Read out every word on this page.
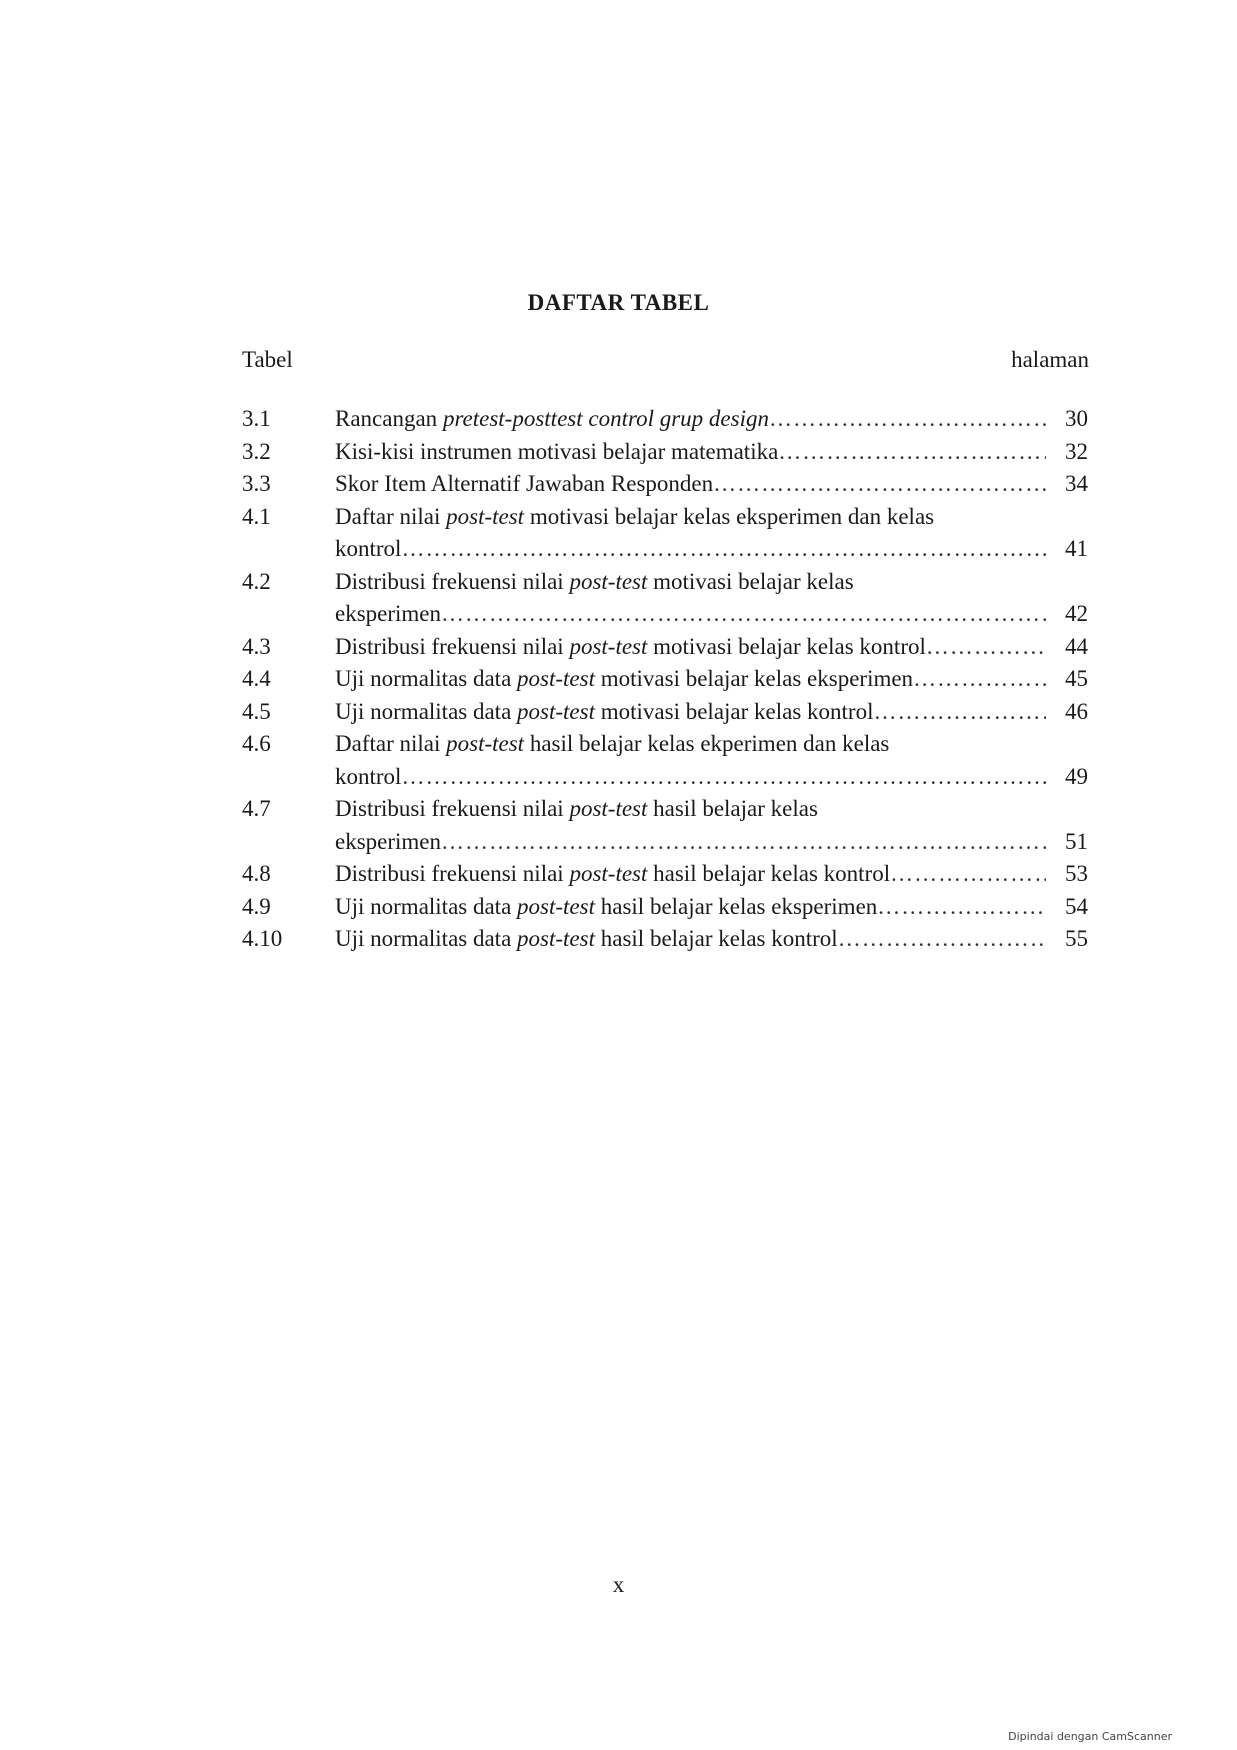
DAFTAR TABEL
Tabel	halaman
3.1	Rancangan pretest-posttest control grup design ……………………………………………………………………………………………………………………………………	30
3.2	Kisi-kisi instrumen motivasi belajar matematika ……………………………………………………………………………………………………………………………………	32
3.3	Skor Item Alternatif Jawaban Responden ……………………………………………………………………………………………………………………………………	34
4.1	Daftar nilai post-test motivasi belajar kelas eksperimen dan kelas
kontrol ……………………………………………………………………………………………………………………………………	41
4.2	Distribusi frekuensi nilai post-test motivasi belajar kelas
eksperimen ……………………………………………………………………………………………………………………………………	42
4.3	Distribusi frekuensi nilai post-test motivasi belajar kelas kontrol ……………………………………………………………………………………………………………………………………	44
4.4	Uji normalitas data post-test motivasi belajar kelas eksperimen ……………………………………………………………………………………………………………………………………	45
4.5	Uji normalitas data post-test motivasi belajar kelas kontrol ……………………………………………………………………………………………………………………………………	46
4.6	Daftar nilai post-test hasil belajar kelas ekperimen dan kelas
kontrol ……………………………………………………………………………………………………………………………………	49
4.7	Distribusi frekuensi nilai post-test hasil belajar kelas
eksperimen ……………………………………………………………………………………………………………………………………	51
4.8	Distribusi frekuensi nilai post-test hasil belajar kelas kontrol ……………………………………………………………………………………………………………………………………	53
4.9	Uji normalitas data post-test hasil belajar kelas eksperimen ……………………………………………………………………………………………………………………………………	54
4.10	Uji normalitas data post-test hasil belajar kelas kontrol ……………………………………………………………………………………………………………………………………	55
x
Dipindai dengan CamScanner
